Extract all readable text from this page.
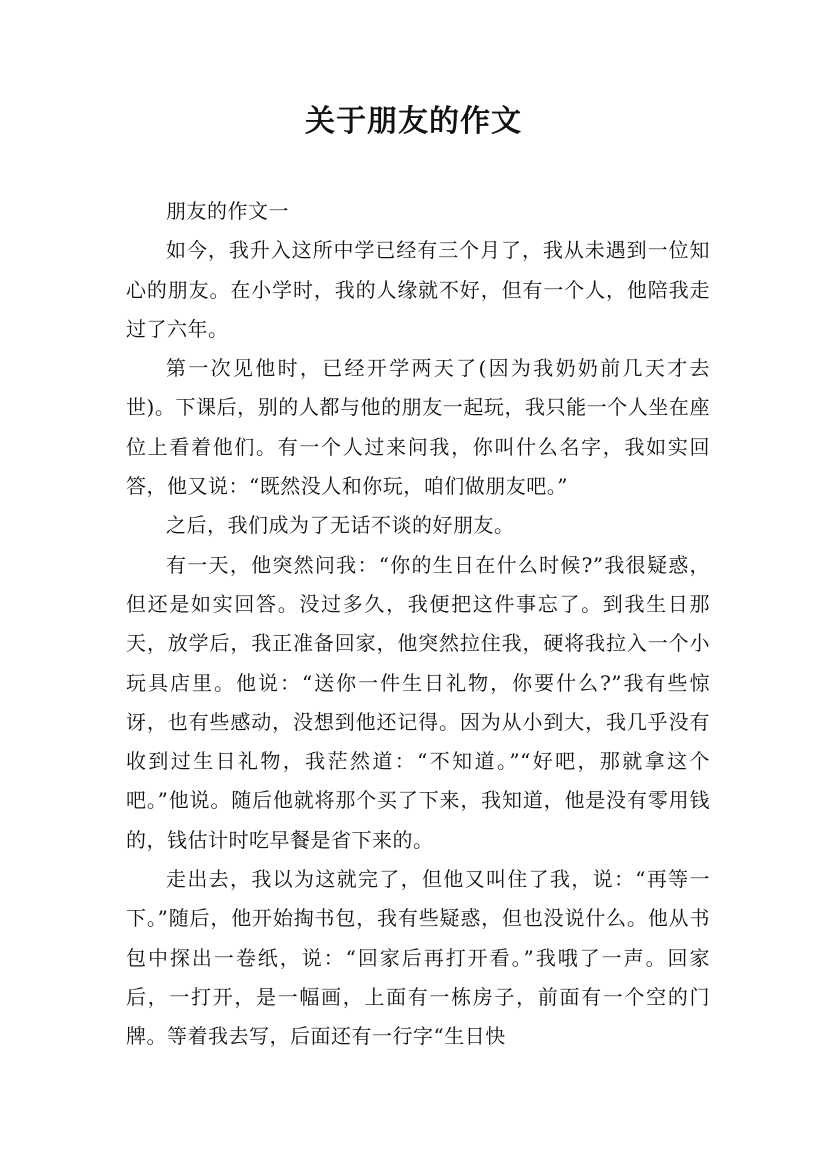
关于朋友的作文

朋友的作文一

如今，我升入这所中学已经有三个月了，我从未遇到一位知心的朋友。在小学时，我的人缘就不好，但有一个人，他陪我走过了六年。

第一次见他时，已经开学两天了(因为我奶奶前几天才去世)。下课后，别的人都与他的朋友一起玩，我只能一个人坐在座位上看着他们。有一个人过来问我，你叫什么名字，我如实回答，他又说：“既然没人和你玩，咱们做朋友吧。”

之后，我们成为了无话不谈的好朋友。

有一天，他突然问我：“你的生日在什么时候?”我很疑惑，但还是如实回答。没过多久，我便把这件事忘了。到我生日那天，放学后，我正准备回家，他突然拉住我，硬将我拉入一个小玩具店里。他说：“送你一件生日礼物，你要什么?”我有些惊讶，也有些感动，没想到他还记得。因为从小到大，我几乎没有收到过生日礼物，我茫然道：“不知道。”“好吧，那就拿这个吧。”他说。随后他就将那个买了下来，我知道，他是没有零用钱的，钱估计时吃早餐是省下来的。

走出去，我以为这就完了，但他又叫住了我，说：“再等一下。”随后，他开始掏书包，我有些疑惑，但也没说什么。他从书包中探出一卷纸，说：“回家后再打开看。”我哦了一声。回家后，一打开，是一幅画，上面有一栋房子，前面有一个空的门牌。等着我去写，后面还有一行字“生日快
